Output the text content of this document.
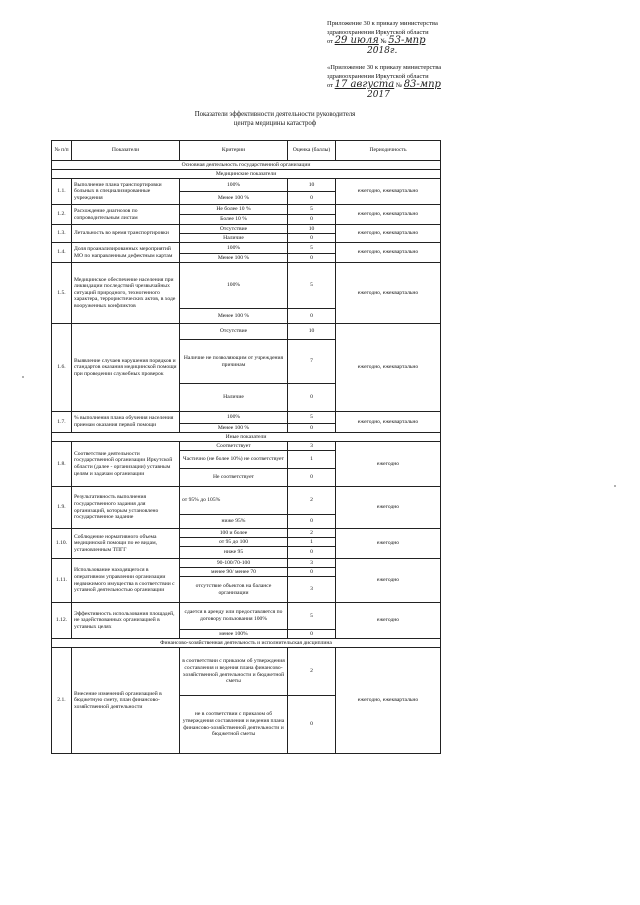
Приложение 30 к приказу министерства
здравоохранения Иркутской области
от 29 июля № 53-мпр
2018г.
«Приложение 30 к приказу министерства
здравоохранения Иркутской области
от 17 августа № 83-мпр
2017
Показатели эффективности деятельности руководителя
центра медицины катастроф
№ п/п	Показатели	Критерии	Оценка (баллы)	Периодичность
Основная деятельность государственной организации				
Медицинские показатели				
1.1.	Выполнение плана транспортировки больных в специализированные учреждения	100%	10	ежегодно, ежеквартально
		Менее 100 %	0	
1.2.	Расхождение диагнозов по сопроводительным листам	Не более 10 %	5	ежегодно, ежеквартально
		Более 10 %	0	
1.3.	Летальность во время транспортировки	Отсутствие	10	ежегодно, ежеквартально
		Наличие	0	
1.4.	Доля проанализированных мероприятий МО по направленным дефектным картам	100%	5	ежегодно, ежеквартально
		Менее 100 %	0	
1.5.	Медицинское обеспечение населения при ликвидации последствий чрезвычайных ситуаций природного, техногенного характера, террористических актов, в ходе вооруженных конфликтов	100%	5	ежегодно, ежеквартально
		Менее 100 %	0	
1.6.	Выявление случаев нарушения порядков и стандартов оказания медицинской помощи при проведении служебных проверок	Отсутствие	10	ежегодно, ежеквартально
		Наличие не позволяющим от учреждения причинам	7	
		Наличие	0	
1.7.	% выполнения плана обучения населения приемам оказания первой помощи	100%	5	ежегодно, ежеквартально
		Менее 100 %	0	
Иные показатели				
1.8.	Соответствие деятельности государственной организации Иркутской области (далее - организации) уставным целям и задачам организации	Соответствует	3	ежегодно
		Частично (не более 10%) не соответствует	1	
		Не соответствует	0	
1.9.	Результативность выполнения государственного задания для организаций, которым установлено государственное задание	от 95% до 105%	2	ежегодно
		ниже 95%	0	
1.10.	Соблюдение нормативного объема медицинской помощи по ее видам, установленным ТПГГ	100 и более	2	ежегодно
		от 95 до 100	1	
		ниже 95	0	
1.11.	Использование находящегося в оперативном управлении организации недвижимого имущества в соответствии с уставной деятельностью организации	90-100/70-100	3	ежегодно
		менее 90/ менее 70	0	
		отсутствие объектов на балансе организации	3	
1.12.	Эффективность использования площадей, не задействованных организацией в уставных целях	сдается в аренду или предоставляется по договору пользования 100%	5	ежегодно
		менее 100%	0	
Финансово-хозяйственная деятельность и исполнительская дисциплина				
2.1.	Внесение изменений организацией в бюджетную смету, план финансово-хозяйственной деятельности	в соответствии с приказом об утверждения составления и ведения плана финансово-хозяйственной деятельности и бюджетной сметы	2	ежегодно, ежеквартально
		не в соответствии с приказом об утверждения составления и ведения плана финансово-хозяйственной деятельности и бюджетной сметы	0	
